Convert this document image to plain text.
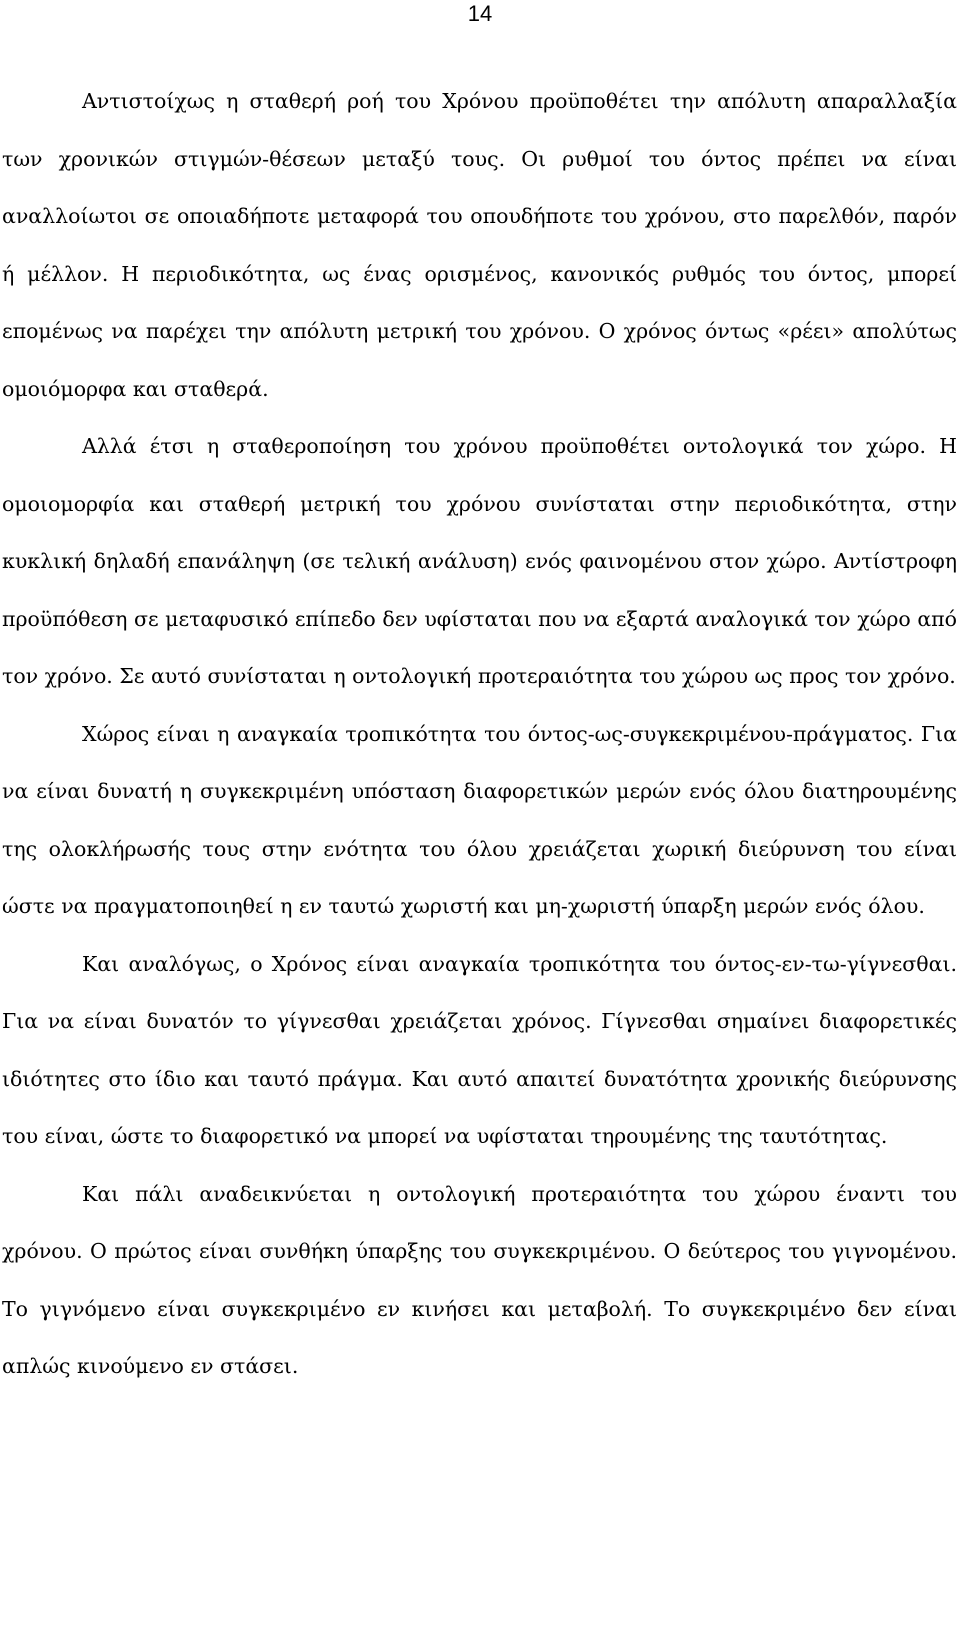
14

Αντιστοίχως η σταθερή ροή του Χρόνου προϋποθέτει την απόλυτη απαραλλαξία των χρονικών στιγμών-θέσεων μεταξύ τους. Οι ρυθμοί του όντος πρέπει να είναι αναλλοίωτοι σε οποιαδήποτε μεταφορά του οπουδήποτε του χρόνου, στο παρελθόν, παρόν ή μέλλον. Η περιοδικότητα, ως ένας ορισμένος, κανονικός ρυθμός του όντος, μπορεί επομένως να παρέχει την απόλυτη μετρική του χρόνου. Ο χρόνος όντως «ρέει» απολύτως ομοιόμορφα και σταθερά.

Αλλά έτσι η σταθεροποίηση του χρόνου προϋποθέτει οντολογικά τον χώρο. Η ομοιομορφία και σταθερή μετρική του χρόνου συνίσταται στην περιοδικότητα, στην κυκλική δηλαδή επανάληψη (σε τελική ανάλυση) ενός φαινομένου στον χώρο. Αντίστροφη προϋπόθεση σε μεταφυσικό επίπεδο δεν υφίσταται που να εξαρτά αναλογικά τον χώρο από τον χρόνο. Σε αυτό συνίσταται η οντολογική προτεραιότητα του χώρου ως προς τον χρόνο.

Χώρος είναι η αναγκαία τροπικότητα του όντος-ως-συγκεκριμένου-πράγματος. Για να είναι δυνατή η συγκεκριμένη υπόσταση διαφορετικών μερών ενός όλου διατηρουμένης της ολοκλήρωσής τους στην ενότητα του όλου χρειάζεται χωρική διεύρυνση του είναι ώστε να πραγματοποιηθεί η εν ταυτώ χωριστή και μη-χωριστή ύπαρξη μερών ενός όλου.

Και αναλόγως, ο Χρόνος είναι αναγκαία τροπικότητα του όντος-εν-τω-γίγνεσθαι. Για να είναι δυνατόν το γίγνεσθαι χρειάζεται χρόνος. Γίγνεσθαι σημαίνει διαφορετικές ιδιότητες στο ίδιο και ταυτό πράγμα. Και αυτό απαιτεί δυνατότητα χρονικής διεύρυνσης του είναι, ώστε το διαφορετικό να μπορεί να υφίσταται τηρουμένης της ταυτότητας.

Και πάλι αναδεικνύεται η οντολογική προτεραιότητα του χώρου έναντι του χρόνου. Ο πρώτος είναι συνθήκη ύπαρξης του συγκεκριμένου. Ο δεύτερος του γιγνομένου. Το γιγνόμενο είναι συγκεκριμένο εν κινήσει και μεταβολή. Το συγκεκριμένο δεν είναι απλώς κινούμενο εν στάσει.
